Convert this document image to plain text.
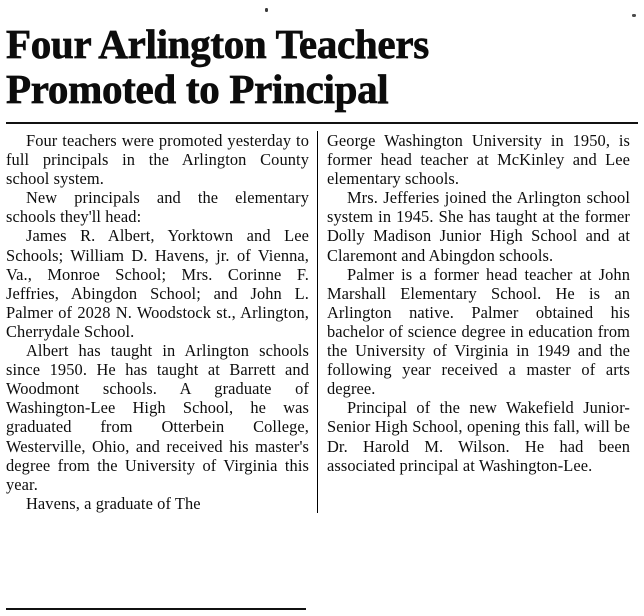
Four Arlington Teachers
Promoted to Principal

Four teachers were promoted yesterday to full principals in the Arlington County school system.

New principals and the elementary schools they'll head:

James R. Albert, Yorktown and Lee Schools; William D. Havens, jr. of Vienna, Va., Monroe School; Mrs. Corinne F. Jeffries, Abingdon School; and John L. Palmer of 2028 N. Woodstock st., Arlington, Cherrydale School.

Albert has taught in Arlington schools since 1950. He has taught at Barrett and Woodmont schools. A graduate of Washington-Lee High School, he was graduated from Otterbein College, Westerville, Ohio, and received his master's degree from the University of Virginia this year.

Havens, a graduate of The

George Washington University in 1950, is former head teacher at McKinley and Lee elementary schools.

Mrs. Jefferies joined the Arlington school system in 1945. She has taught at the former Dolly Madison Junior High School and at Claremont and Abingdon schools.

Palmer is a former head teacher at John Marshall Elementary School. He is an Arlington native. Palmer obtained his bachelor of science degree in education from the University of Virginia in 1949 and the following year received a master of arts degree.

Principal of the new Wakefield Junior-Senior High School, opening this fall, will be Dr. Harold M. Wilson. He had been associated principal at Washington-Lee.
